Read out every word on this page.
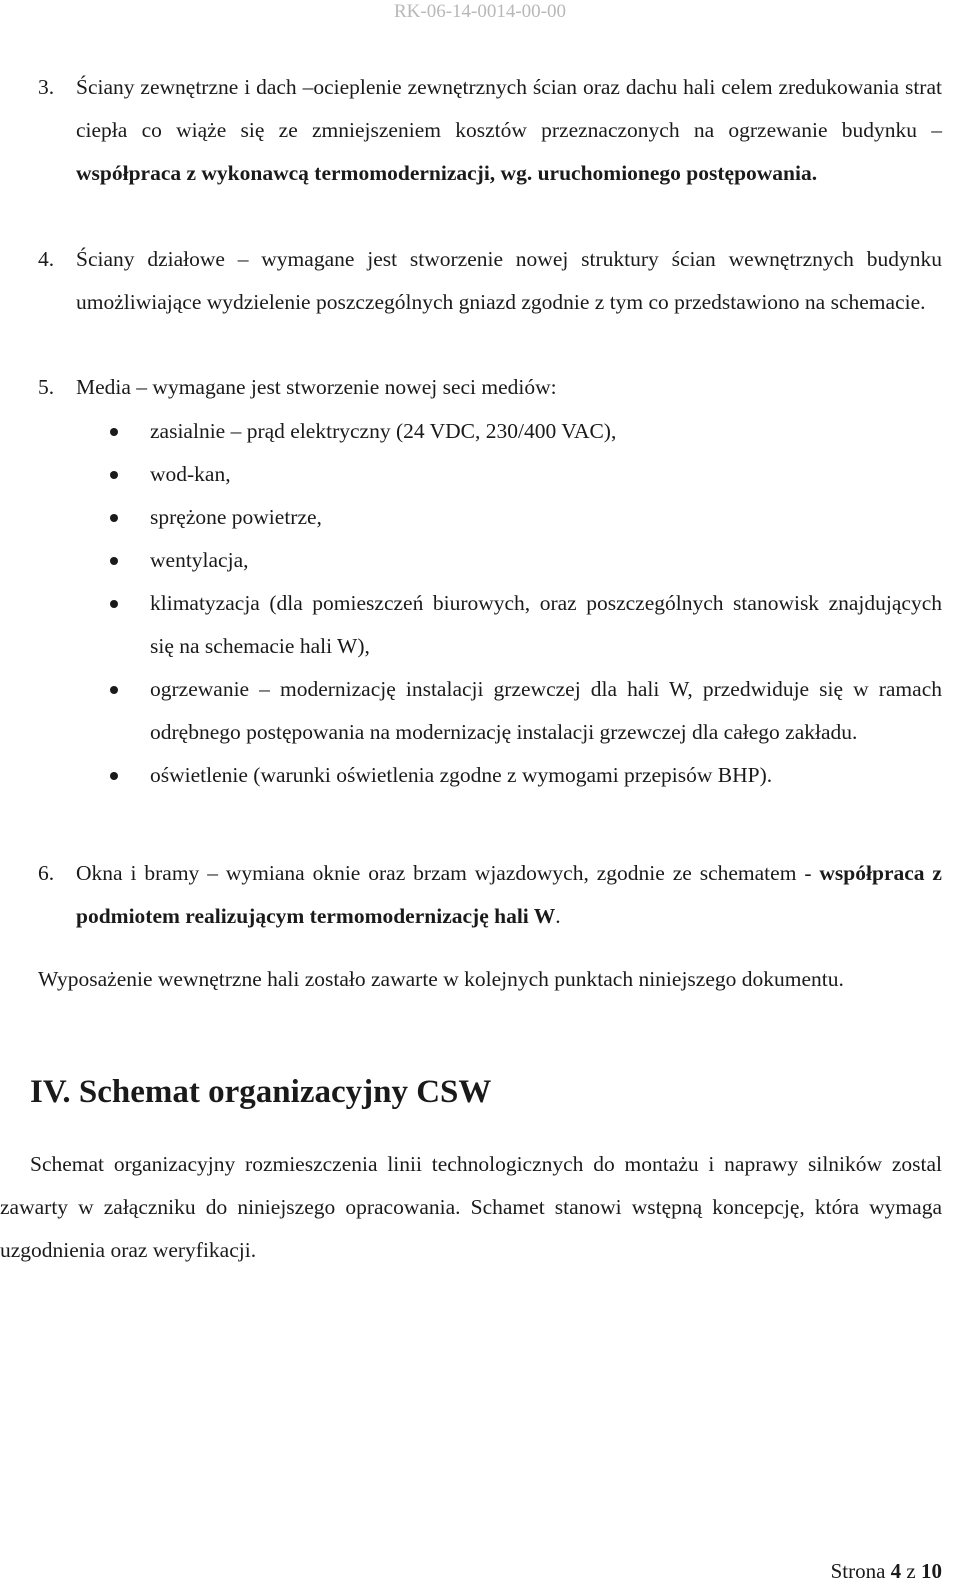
RK-06-14-0014-00-00
3. Ściany zewnętrzne i dach –ocieplenie zewnętrznych ścian oraz dachu hali celem zredukowania strat ciepła co wiąże się ze zmniejszeniem kosztów przeznaczonych na ogrzewanie budynku – współpraca z wykonawcą termomodernizacji, wg. uruchomionego postępowania.
4. Ściany działowe – wymagane jest stworzenie nowej struktury ścian wewnętrznych budynku umożliwiające wydzielenie poszczególnych gniazd zgodnie z tym co przedstawiono na schemacie.
5. Media – wymagane jest stworzenie nowej seci mediów:
zasialnie – prąd elektryczny (24 VDC, 230/400 VAC),
wod-kan,
sprężone powietrze,
wentylacja,
klimatyzacja (dla pomieszczeń biurowych, oraz poszczególnych stanowisk znajdujących się na schemacie hali W),
ogrzewanie – modernizację instalacji grzewczej dla hali W, przedwiduje się w ramach odrębnego postępowania na modernizację instalacji grzewczej dla całego zakładu.
oświetlenie (warunki oświetlenia zgodne z wymogami przepisów BHP).
6. Okna i bramy – wymiana oknie oraz brzam wjazdowych, zgodnie ze schematem - współpraca z podmiotem realizującym termomodernizację hali W.
Wyposażenie wewnętrzne hali zostało zawarte w kolejnych punktach niniejszego dokumentu.
IV. Schemat organizacyjny CSW
Schemat organizacyjny rozmieszczenia linii technologicznych do montażu i naprawy silników zostal zawarty w załączniku do niniejszego opracowania. Schamet stanowi wstępną koncepcję, która wymaga uzgodnienia oraz weryfikacji.
Strona 4 z 10
